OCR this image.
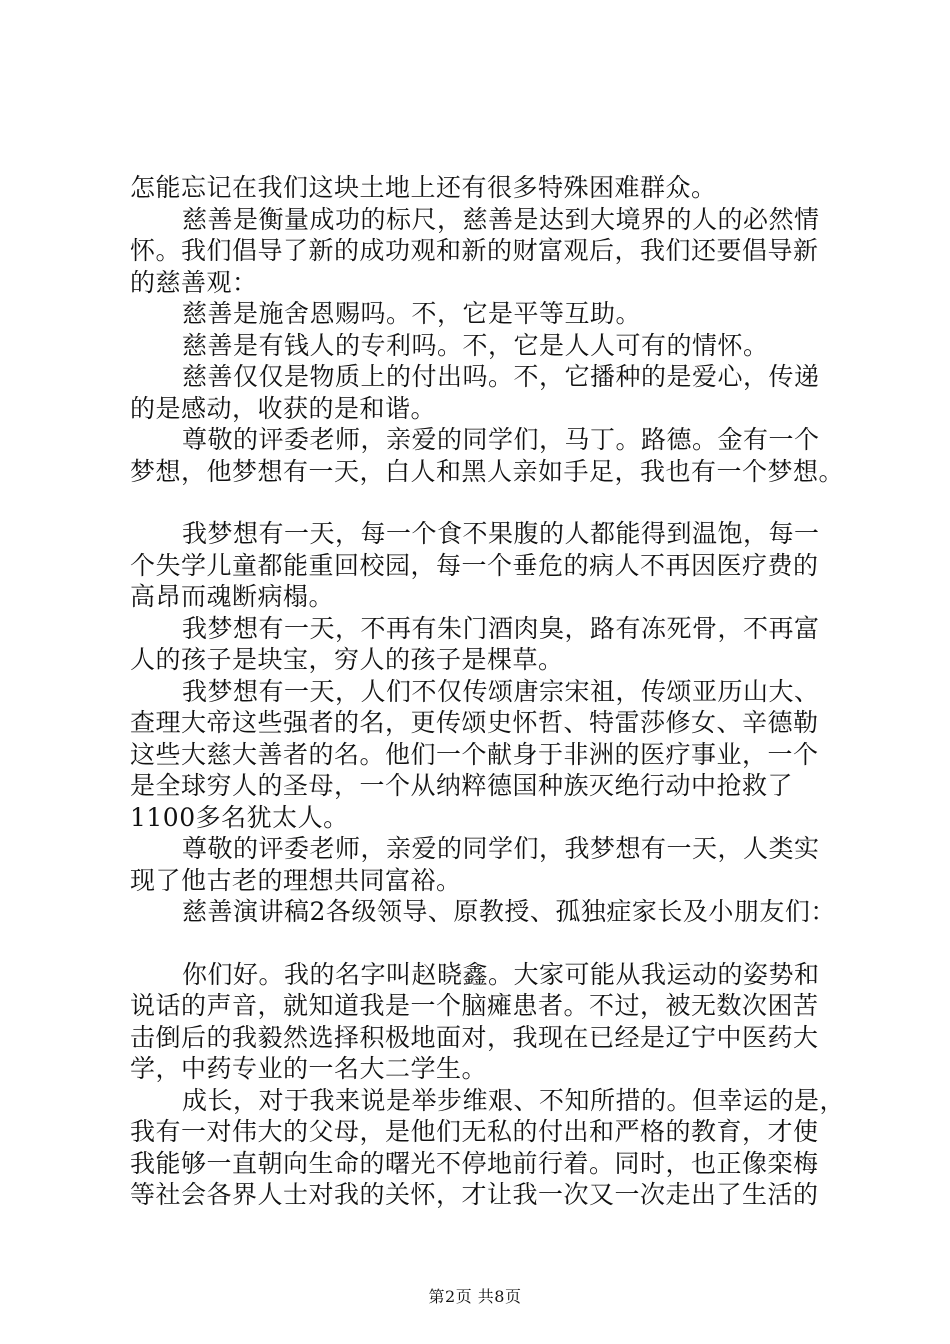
怎能忘记在我们这块土地上还有很多特殊困难群众。
慈善是衡量成功的标尺，慈善是达到大境界的人的必然情
怀。我们倡导了新的成功观和新的财富观后，我们还要倡导新
的慈善观：
慈善是施舍恩赐吗。不，它是平等互助。
慈善是有钱人的专利吗。不，它是人人可有的情怀。
慈善仅仅是物质上的付出吗。不，它播种的是爱心，传递
的是感动，收获的是和谐。
尊敬的评委老师，亲爱的同学们，马丁。路德。金有一个
梦想，他梦想有一天，白人和黑人亲如手足，我也有一个梦想。
我梦想有一天，每一个食不果腹的人都能得到温饱，每一
个失学儿童都能重回校园，每一个垂危的病人不再因医疗费的
高昂而魂断病榻。
我梦想有一天，不再有朱门酒肉臭，路有冻死骨，不再富
人的孩子是块宝，穷人的孩子是棵草。
我梦想有一天，人们不仅传颂唐宗宋祖，传颂亚历山大、
查理大帝这些强者的名，更传颂史怀哲、特雷莎修女、辛德勒
这些大慈大善者的名。他们一个献身于非洲的医疗事业，一个
是全球穷人的圣母，一个从纳粹德国种族灭绝行动中抢救了
1100多名犹太人。
尊敬的评委老师，亲爱的同学们，我梦想有一天，人类实
现了他古老的理想共同富裕。
慈善演讲稿2各级领导、原教授、孤独症家长及小朋友们：
你们好。我的名字叫赵晓鑫。大家可能从我运动的姿势和
说话的声音，就知道我是一个脑瘫患者。不过，被无数次困苦
击倒后的我毅然选择积极地面对，我现在已经是辽宁中医药大
学，中药专业的一名大二学生。
成长，对于我来说是举步维艰、不知所措的。但幸运的是，
我有一对伟大的父母，是他们无私的付出和严格的教育，才使
我能够一直朝向生命的曙光不停地前行着。同时，也正像栾梅
等社会各界人士对我的关怀，才让我一次又一次走出了生活的
第2页 共8页
